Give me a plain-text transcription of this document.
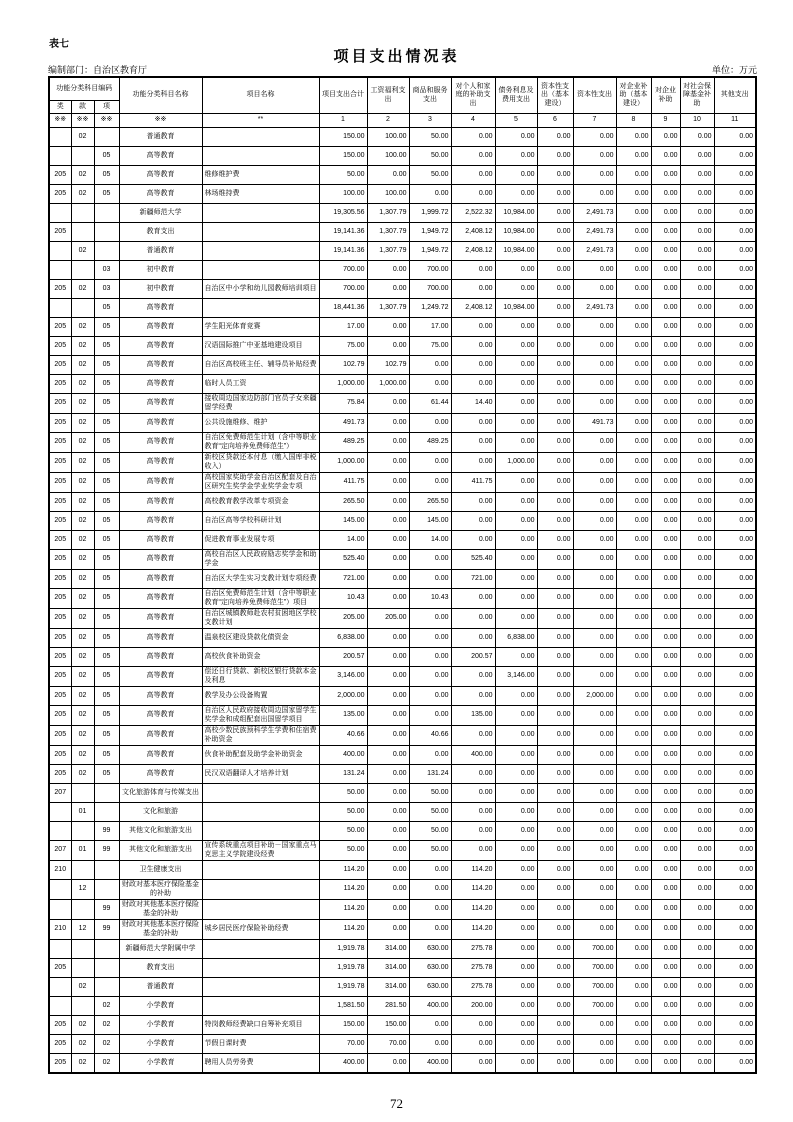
表七
项目支出情况表
编制部门：自治区教育厅	单位：万元
功能分类科目编码			功能分类科目名称	项目名称	项目支出合计	工资福利支出	商品和服务支出	对个人和家庭的补助支出	债务利息及费用支出	资本性支出（基本建设）	资本性支出	对企业补助（基本建设）	对企业补助	对社会保障基金补助	其他支出
类	款	项													
※※	※※	※※	※※	**	1	2	3	4	5	6	7	8	9	10	11
	02		普通教育		150.00	100.00	50.00	0.00	0.00	0.00	0.00	0.00	0.00	0.00	0.00
		05	高等教育		150.00	100.00	50.00	0.00	0.00	0.00	0.00	0.00	0.00	0.00	0.00
205	02	05	高等教育	维修维护费	50.00	0.00	50.00	0.00	0.00	0.00	0.00	0.00	0.00	0.00	0.00
205	02	05	高等教育	林场维持费	100.00	100.00	0.00	0.00	0.00	0.00	0.00	0.00	0.00	0.00	0.00
			新疆师范大学		19,305.56	1,307.79	1,999.72	2,522.32	10,984.00	0.00	2,491.73	0.00	0.00	0.00	0.00
205			教育支出		19,141.36	1,307.79	1,949.72	2,408.12	10,984.00	0.00	2,491.73	0.00	0.00	0.00	0.00
	02		普通教育		19,141.36	1,307.79	1,949.72	2,408.12	10,984.00	0.00	2,491.73	0.00	0.00	0.00	0.00
		03	初中教育		700.00	0.00	700.00	0.00	0.00	0.00	0.00	0.00	0.00	0.00	0.00
205	02	03	初中教育	自治区中小学和幼儿园教师培训项目	700.00	0.00	700.00	0.00	0.00	0.00	0.00	0.00	0.00	0.00	0.00
		05	高等教育		18,441.36	1,307.79	1,249.72	2,408.12	10,984.00	0.00	2,491.73	0.00	0.00	0.00	0.00
205	02	05	高等教育	学生阳光体育竞赛	17.00	0.00	17.00	0.00	0.00	0.00	0.00	0.00	0.00	0.00	0.00
205	02	05	高等教育	汉语国际推广中亚基地建设项目	75.00	0.00	75.00	0.00	0.00	0.00	0.00	0.00	0.00	0.00	0.00
205	02	05	高等教育	自治区高校班主任、辅导员补贴经费	102.79	102.79	0.00	0.00	0.00	0.00	0.00	0.00	0.00	0.00	0.00
205	02	05	高等教育	临时人员工资	1,000.00	1,000.00	0.00	0.00	0.00	0.00	0.00	0.00	0.00	0.00	0.00
205	02	05	高等教育	接收周边国家边防部门官员子女来疆留学经费	75.84	0.00	61.44	14.40	0.00	0.00	0.00	0.00	0.00	0.00	0.00
205	02	05	高等教育	公共设施维修、维护	491.73	0.00	0.00	0.00	0.00	0.00	491.73	0.00	0.00	0.00	0.00
205	02	05	高等教育	自治区免费师范生计划（含中等职业教育“定向培养免费师范生”）	489.25	0.00	489.25	0.00	0.00	0.00	0.00	0.00	0.00	0.00	0.00
205	02	05	高等教育	新校区贷款还本付息（缴入国库非税收入）	1,000.00	0.00	0.00	0.00	1,000.00	0.00	0.00	0.00	0.00	0.00	0.00
205	02	05	高等教育	高校国家奖助学金自治区配套及自治区研究生奖学金学业奖学金专项	411.75	0.00	0.00	411.75	0.00	0.00	0.00	0.00	0.00	0.00	0.00
205	02	05	高等教育	高校教育教学改革专项资金	265.50	0.00	265.50	0.00	0.00	0.00	0.00	0.00	0.00	0.00	0.00
205	02	05	高等教育	自治区高等学校科研计划	145.00	0.00	145.00	0.00	0.00	0.00	0.00	0.00	0.00	0.00	0.00
205	02	05	高等教育	促进教育事业发展专项	14.00	0.00	14.00	0.00	0.00	0.00	0.00	0.00	0.00	0.00	0.00
205	02	05	高等教育	高校自治区人民政府励志奖学金和助学金	525.40	0.00	0.00	525.40	0.00	0.00	0.00	0.00	0.00	0.00	0.00
205	02	05	高等教育	自治区大学生实习支教计划专项经费	721.00	0.00	0.00	721.00	0.00	0.00	0.00	0.00	0.00	0.00	0.00
205	02	05	高等教育	自治区免费师范生计划（含中等职业教育“定向培养免费师范生”）项目	10.43	0.00	10.43	0.00	0.00	0.00	0.00	0.00	0.00	0.00	0.00
205	02	05	高等教育	自治区城镇教师赴农村贫困地区学校支教计划	205.00	205.00	0.00	0.00	0.00	0.00	0.00	0.00	0.00	0.00	0.00
205	02	05	高等教育	温泉校区建设贷款化债资金	6,838.00	0.00	0.00	0.00	6,838.00	0.00	0.00	0.00	0.00	0.00	0.00
205	02	05	高等教育	高校伙食补助资金	200.57	0.00	0.00	200.57	0.00	0.00	0.00	0.00	0.00	0.00	0.00
205	02	05	高等教育	偿还日行贷款、新校区银行贷款本金及利息	3,146.00	0.00	0.00	0.00	3,146.00	0.00	0.00	0.00	0.00	0.00	0.00
205	02	05	高等教育	教学及办公设备购置	2,000.00	0.00	0.00	0.00	0.00	0.00	2,000.00	0.00	0.00	0.00	0.00
205	02	05	高等教育	自治区人民政府接收周边国家留学生奖学金和成组配套出国留学项目	135.00	0.00	0.00	135.00	0.00	0.00	0.00	0.00	0.00	0.00	0.00
205	02	05	高等教育	高校少数民族预科学生学费和住宿费补助资金	40.66	0.00	40.66	0.00	0.00	0.00	0.00	0.00	0.00	0.00	0.00
205	02	05	高等教育	伙食补助配套及助学金补助资金	400.00	0.00	0.00	400.00	0.00	0.00	0.00	0.00	0.00	0.00	0.00
205	02	05	高等教育	民汉双语翻译人才培养计划	131.24	0.00	131.24	0.00	0.00	0.00	0.00	0.00	0.00	0.00	0.00
207			文化旅游体育与传媒支出		50.00	0.00	50.00	0.00	0.00	0.00	0.00	0.00	0.00	0.00	0.00
	01		文化和旅游		50.00	0.00	50.00	0.00	0.00	0.00	0.00	0.00	0.00	0.00	0.00
		99	其他文化和旅游支出		50.00	0.00	50.00	0.00	0.00	0.00	0.00	0.00	0.00	0.00	0.00
207	01	99	其他文化和旅游支出	宣传系统重点项目补助－国家重点马克思主义学院建设经费	50.00	0.00	50.00	0.00	0.00	0.00	0.00	0.00	0.00	0.00	0.00
210			卫生健康支出		114.20	0.00	0.00	114.20	0.00	0.00	0.00	0.00	0.00	0.00	0.00
	12		财政对基本医疗保险基金的补助		114.20	0.00	0.00	114.20	0.00	0.00	0.00	0.00	0.00	0.00	0.00
		99	财政对其他基本医疗保险基金的补助		114.20	0.00	0.00	114.20	0.00	0.00	0.00	0.00	0.00	0.00	0.00
210	12	99	财政对其他基本医疗保险基金的补助	城乡居民医疗保险补助经费	114.20	0.00	0.00	114.20	0.00	0.00	0.00	0.00	0.00	0.00	0.00
			新疆师范大学附属中学		1,919.78	314.00	630.00	275.78	0.00	0.00	700.00	0.00	0.00	0.00	0.00
205			教育支出		1,919.78	314.00	630.00	275.78	0.00	0.00	700.00	0.00	0.00	0.00	0.00
	02		普通教育		1,919.78	314.00	630.00	275.78	0.00	0.00	700.00	0.00	0.00	0.00	0.00
		02	小学教育		1,581.50	281.50	400.00	200.00	0.00	0.00	700.00	0.00	0.00	0.00	0.00
205	02	02	小学教育	特岗教师经费缺口自筹补充项目	150.00	150.00	0.00	0.00	0.00	0.00	0.00	0.00	0.00	0.00	0.00
205	02	02	小学教育	节假日课时费	70.00	70.00	0.00	0.00	0.00	0.00	0.00	0.00	0.00	0.00	0.00
205	02	02	小学教育	聘用人员劳务费	400.00	0.00	400.00	0.00	0.00	0.00	0.00	0.00	0.00	0.00	0.00
72
